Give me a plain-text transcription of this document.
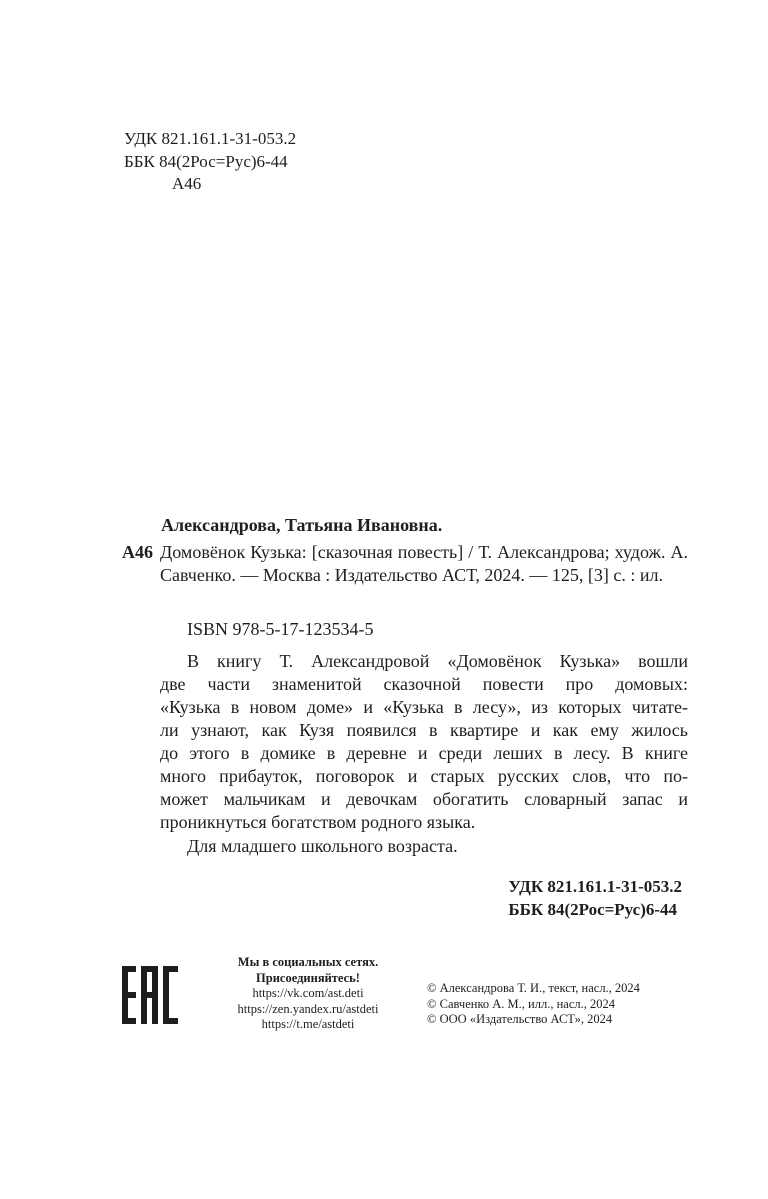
УДК 821.161.1-31-053.2
ББК 84(2Рос=Рус)6-44
А46
Александрова, Татьяна Ивановна.
А46 Домовёнок Кузька: [сказочная повесть] / Т. Александрова; худож. А. Савченко. — Москва : Издательство АСТ, 2024. — 125, [3] с. : ил.
ISBN 978-5-17-123534-5
В книгу Т. Александровой «Домовёнок Кузька» вошли
две части знаменитой сказочной повести про домовых:
«Кузька в новом доме» и «Кузька в лесу», из которых читате-
ли узнают, как Кузя появился в квартире и как ему жилось
до этого в домике в деревне и среди леших в лесу. В книге
много прибауток, поговорок и старых русских слов, что по-
может мальчикам и девочкам обогатить словарный запас и
проникнуться богатством родного языка.
Для младшего школьного возраста.
УДК 821.161.1-31-053.2
ББК 84(2Рос=Рус)6-44
Мы в социальных сетях.
Присоединяйтесь!
https://vk.com/ast.deti
https://zen.yandex.ru/astdeti
https://t.me/astdeti
© Александрова Т. И., текст, насл., 2024
© Савченко А. М., илл., насл., 2024
© ООО «Издательство АСТ», 2024
